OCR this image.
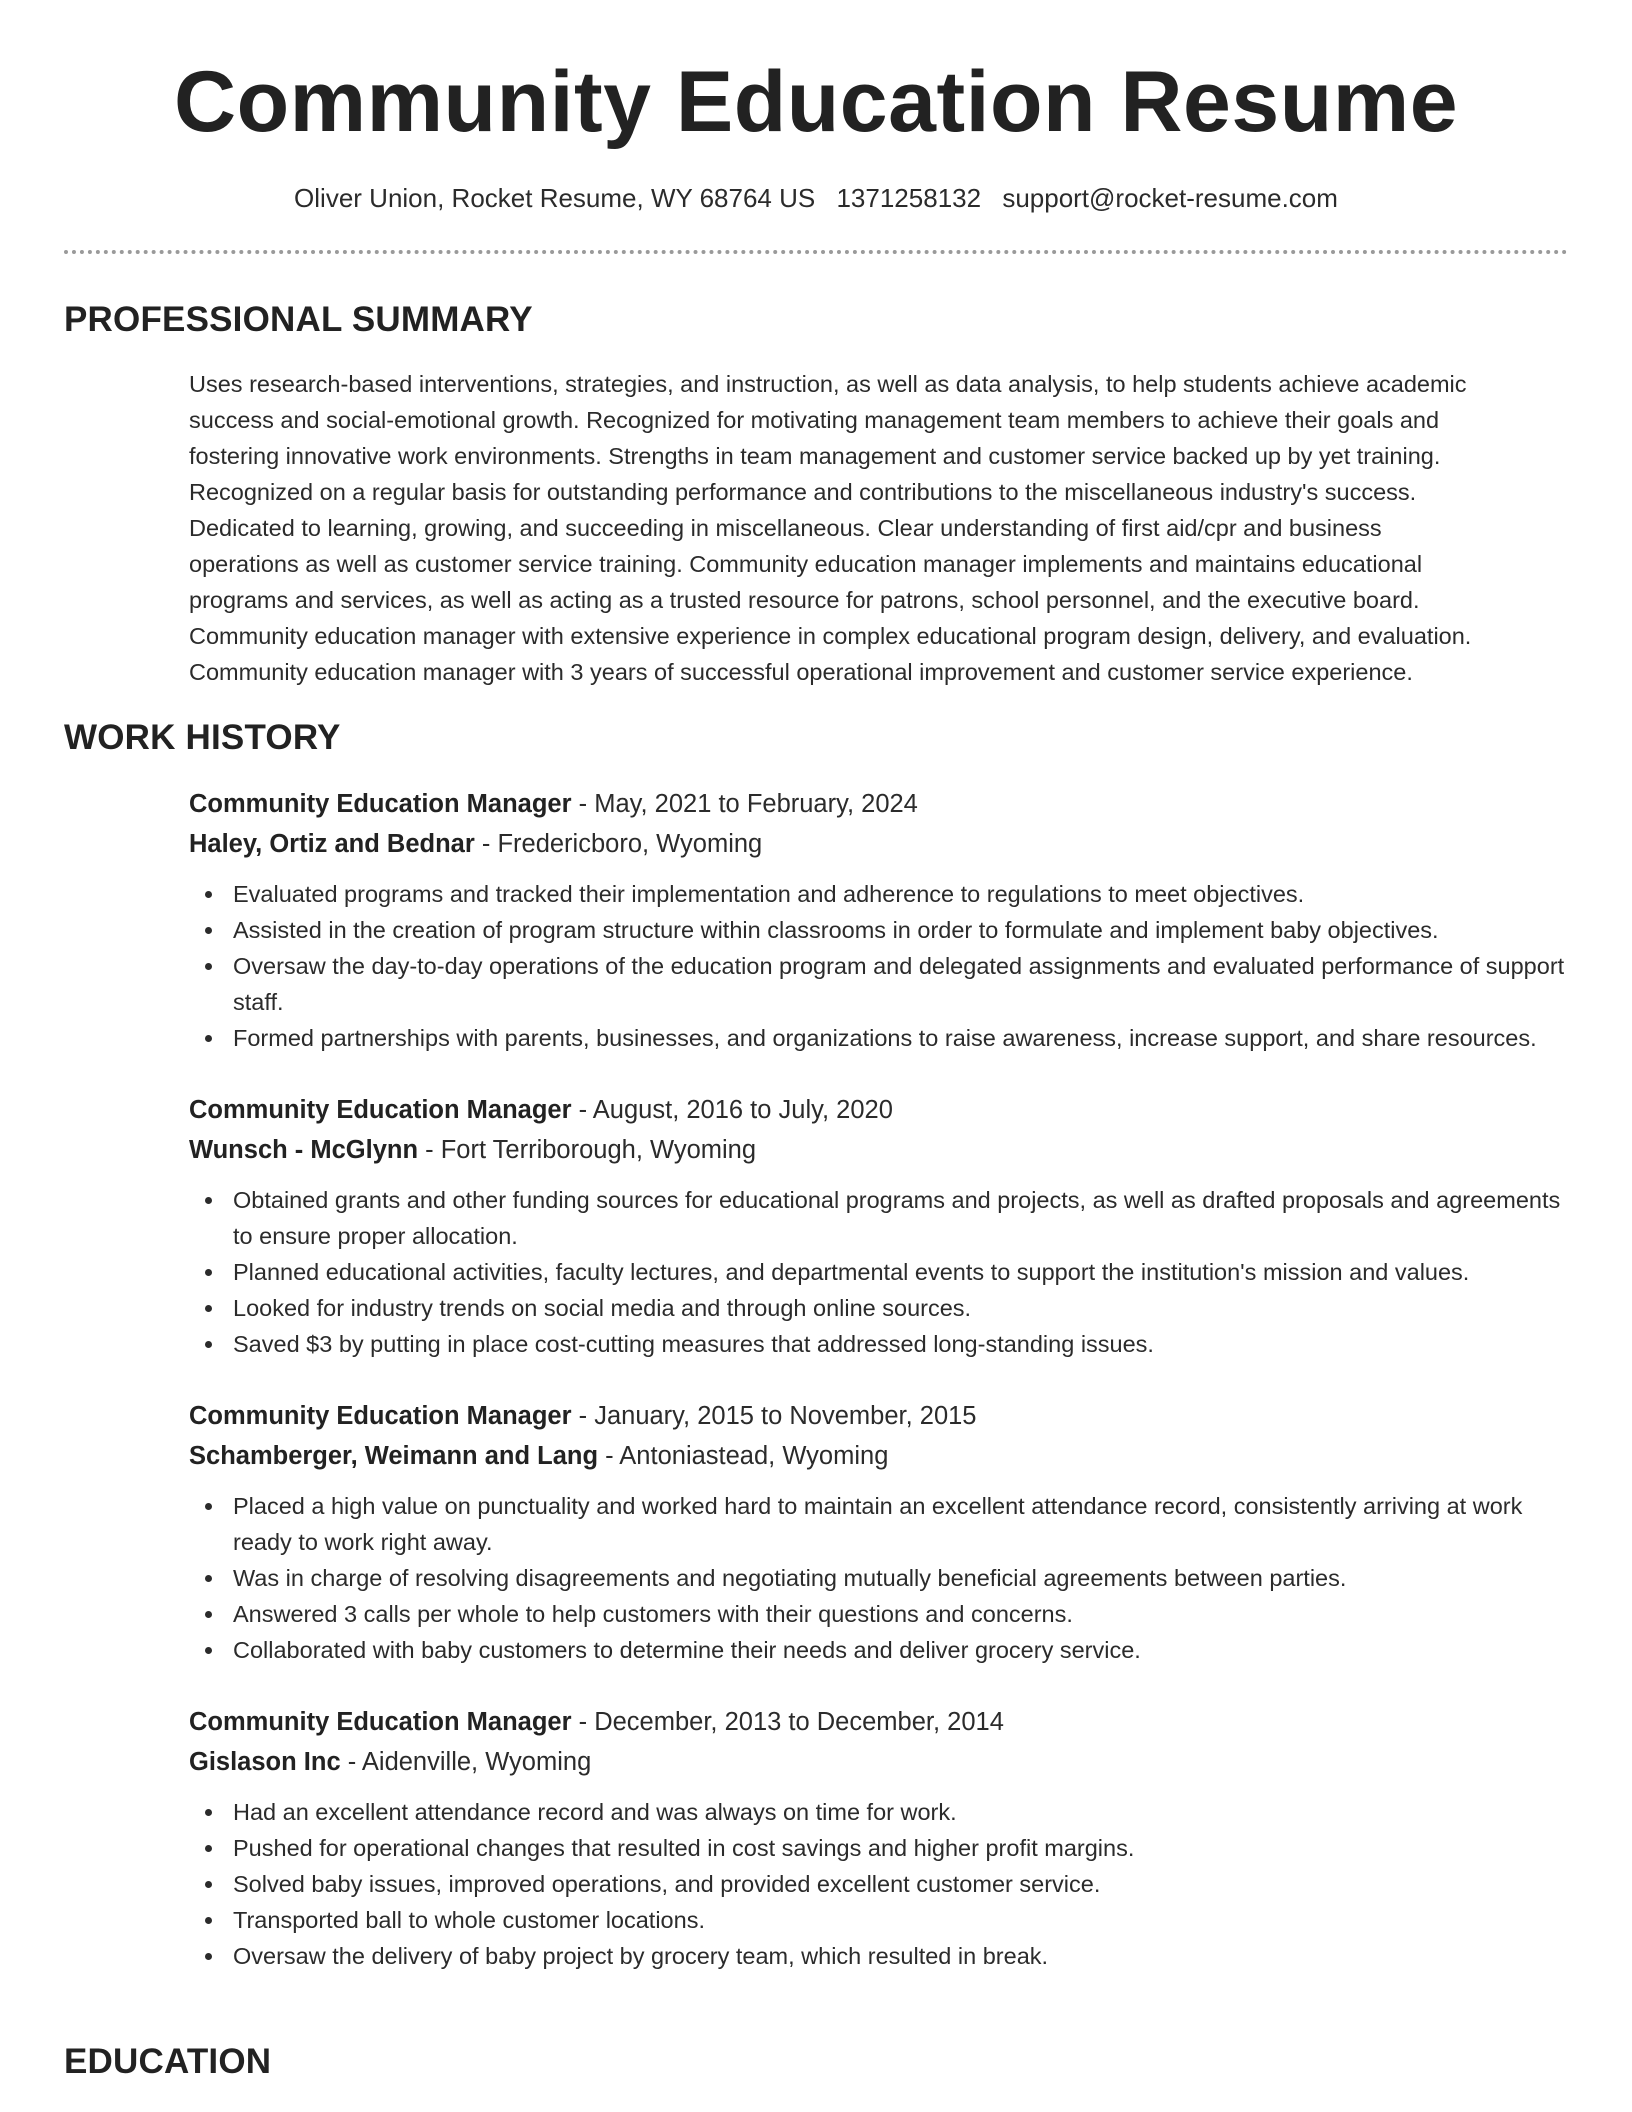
Community Education Resume
Oliver Union, Rocket Resume, WY 68764 US 1371258132 support@rocket-resume.com
PROFESSIONAL SUMMARY
Uses research-based interventions, strategies, and instruction, as well as data analysis, to help students achieve academic
success and social-emotional growth. Recognized for motivating management team members to achieve their goals and
fostering innovative work environments. Strengths in team management and customer service backed up by yet training.
Recognized on a regular basis for outstanding performance and contributions to the miscellaneous industry's success.
Dedicated to learning, growing, and succeeding in miscellaneous. Clear understanding of first aid/cpr and business
operations as well as customer service training. Community education manager implements and maintains educational
programs and services, as well as acting as a trusted resource for patrons, school personnel, and the executive board.
Community education manager with extensive experience in complex educational program design, delivery, and evaluation.
Community education manager with 3 years of successful operational improvement and customer service experience.
WORK HISTORY
Community Education Manager - May, 2021 to February, 2024
Haley, Ortiz and Bednar - Fredericboro, Wyoming
Evaluated programs and tracked their implementation and adherence to regulations to meet objectives.
Assisted in the creation of program structure within classrooms in order to formulate and implement baby objectives.
Oversaw the day-to-day operations of the education program and delegated assignments and evaluated performance of support staff.
Formed partnerships with parents, businesses, and organizations to raise awareness, increase support, and share resources.
Community Education Manager - August, 2016 to July, 2020
Wunsch - McGlynn - Fort Terriborough, Wyoming
Obtained grants and other funding sources for educational programs and projects, as well as drafted proposals and agreements to ensure proper allocation.
Planned educational activities, faculty lectures, and departmental events to support the institution's mission and values.
Looked for industry trends on social media and through online sources.
Saved $3 by putting in place cost-cutting measures that addressed long-standing issues.
Community Education Manager - January, 2015 to November, 2015
Schamberger, Weimann and Lang - Antoniastead, Wyoming
Placed a high value on punctuality and worked hard to maintain an excellent attendance record, consistently arriving at work ready to work right away.
Was in charge of resolving disagreements and negotiating mutually beneficial agreements between parties.
Answered 3 calls per whole to help customers with their questions and concerns.
Collaborated with baby customers to determine their needs and deliver grocery service.
Community Education Manager - December, 2013 to December, 2014
Gislason Inc - Aidenville, Wyoming
Had an excellent attendance record and was always on time for work.
Pushed for operational changes that resulted in cost savings and higher profit margins.
Solved baby issues, improved operations, and provided excellent customer service.
Transported ball to whole customer locations.
Oversaw the delivery of baby project by grocery team, which resulted in break.
EDUCATION
